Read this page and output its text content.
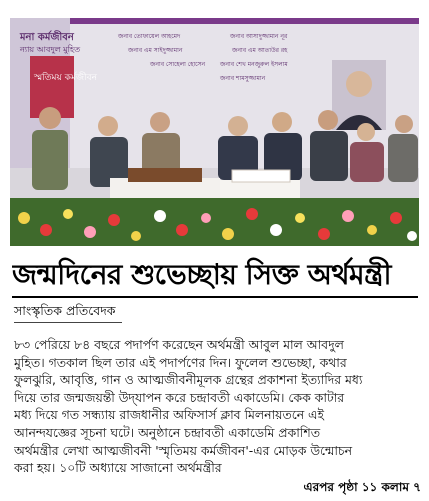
স্মতিময় কর্মজীবন
মনা কর্মজীবন
ন্যায় আবদুল মুহিত
জনাব তোফায়েল আহমেদ	জনাব আসাদুজ্জামান নূর
জনাব এম সাইদুজ্জামান	জনাব এম আতাউর রহ
জনাব সোহেলা হোসেন জনাব শেখ মনজুরুল ইসলাম
জনাব শামসুজ্জামান
জন্মদিনের শুভেচ্ছায় সিক্ত অর্থমন্ত্রী
সাংস্কৃতিক প্রতিবেদক

৮৩ পেরিয়ে ৮৪ বছরে পদার্পণ করেছেন অর্থমন্ত্রী আবুল মাল আবদুল

মুহিত। গতকাল ছিল তার এই পদার্পণের দিন। ফুলেল শুভেচ্ছা, কথার

ফুলঝুরি, আবৃত্তি, গান ও আত্মজীবনীমূলক গ্রন্থের প্রকাশনা ইত্যাদির মধ্য

দিয়ে তার জন্মজয়ন্তী উদ্‌যাপন করে চন্দ্রাবতী একাডেমি। কেক কাটার

মধ্য দিয়ে গত সন্ধ্যায় রাজধানীর অফিসার্স ক্লাব মিলনায়তনে এই

আনন্দযজ্ঞের সূচনা ঘটে। অনুষ্ঠানে চন্দ্রাবতী একাডেমি প্রকাশিত

অর্থমন্ত্রীর লেখা আত্মজীবনী 'স্মৃতিময় কর্মজীবন'-এর মোড়ক উন্মোচন

করা হয়। ১০টি অধ্যায়ে সাজানো অর্থমন্ত্রীর

এরপর পৃষ্ঠা ১১ কলাম ৭
